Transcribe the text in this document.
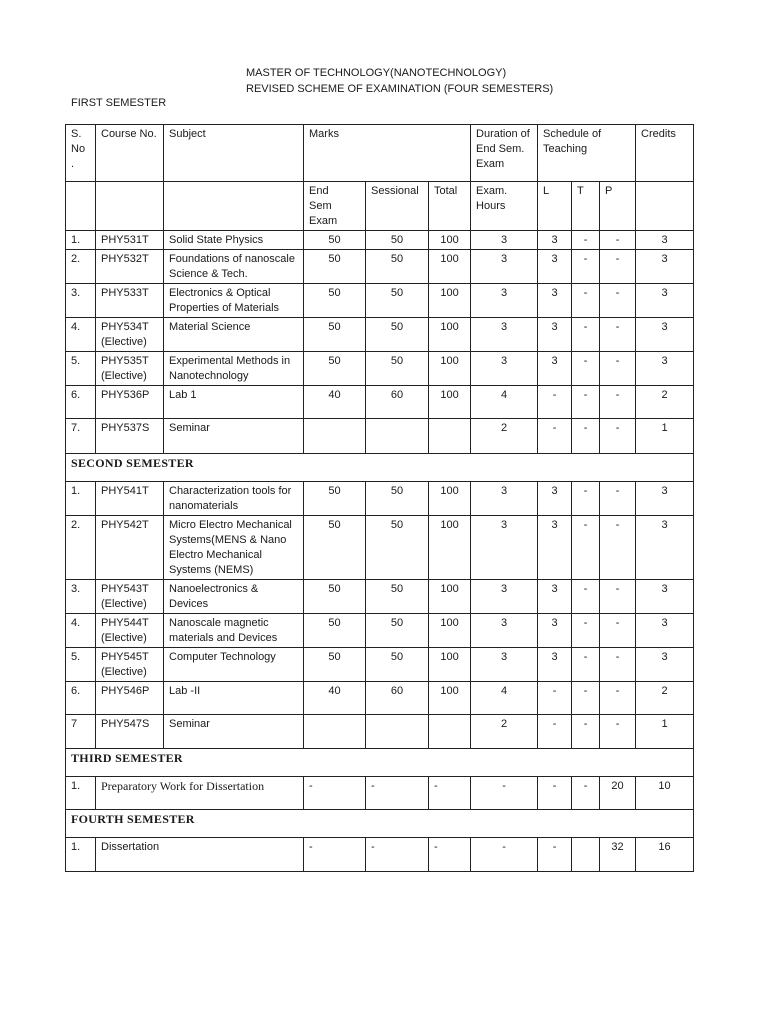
MASTER OF TECHNOLOGY(NANOTECHNOLOGY)
REVISED SCHEME OF EXAMINATION (FOUR SEMESTERS)
FIRST SEMESTER
S.
No
.	Course No.	Subject	Marks			Duration of
End Sem.
Exam	Schedule of
Teaching			Credits
			End
Sem
Exam	Sessional	Total	Exam.
Hours	L	T	P	
1.	PHY531T	Solid State Physics	50	50	100	3	3	-	-	3
2.	PHY532T	Foundations of nanoscale
Science & Tech.	50	50	100	3	3	-	-	3
3.	PHY533T	Electronics & Optical
Properties of Materials	50	50	100	3	3	-	-	3
4.	PHY534T
(Elective)	Material Science	50	50	100	3	3	-	-	3
5.	PHY535T
(Elective)	Experimental Methods in
Nanotechnology	50	50	100	3	3	-	-	3
6.	PHY536P	Lab 1	40	60	100	4	-	-	-	2
7.	PHY537S	Seminar				2	-	-	-	1
SECOND SEMESTER										
1.	PHY541T	Characterization tools for
nanomaterials	50	50	100	3	3	-	-	3
2.	PHY542T	Micro Electro Mechanical
Systems(MENS & Nano
Electro Mechanical
Systems (NEMS)	50	50	100	3	3	-	-	3
3.	PHY543T
(Elective)	Nanoelectronics & Devices	50	50	100	3	3	-	-	3
4.	PHY544T
(Elective)	Nanoscale magnetic
materials and Devices	50	50	100	3	3	-	-	3
5.	PHY545T
(Elective)	Computer Technology	50	50	100	3	3	-	-	3
6.	PHY546P	Lab -II	40	60	100	4	-	-	-	2
7	PHY547S	Seminar				2	-	-	-	1
THIRD SEMESTER										
1.	Preparatory Work for Dissertation		-	-	-	-	-	-	20	10
FOURTH SEMESTER										
1.	Dissertation		-	-	-	-	-		32	16
